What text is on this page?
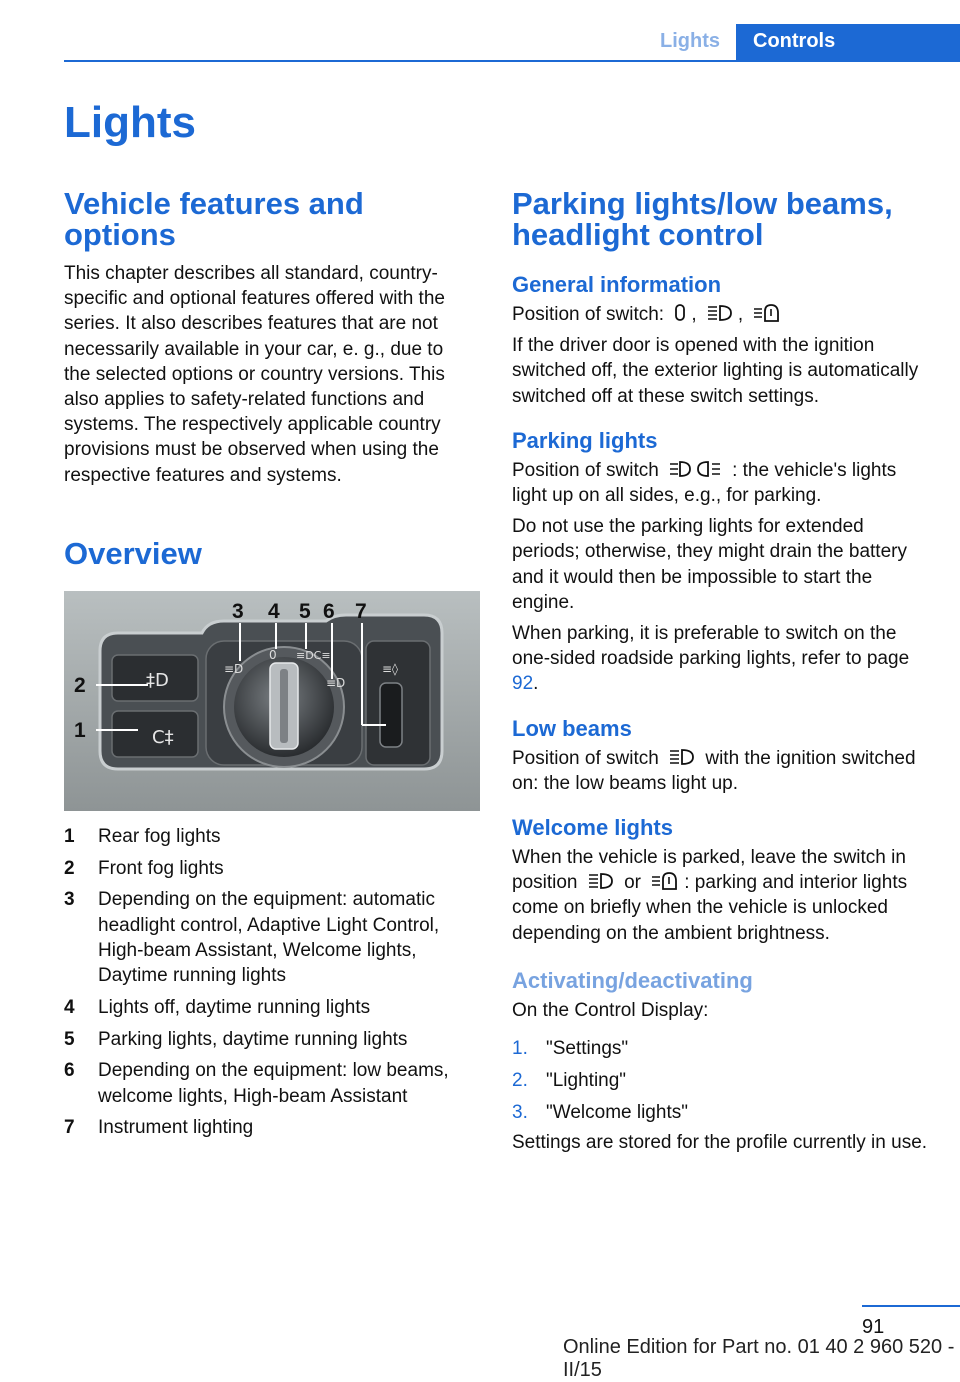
Lights	Controls
Lights
Vehicle features and options
This chapter describes all standard, country-specific and optional features offered with the series. It also describes features that are not necessarily available in your car, e. g., due to the selected options or country versions. This also applies to safety-related functions and systems. The respectively applicable country provisions must be observed when using the respective features and systems.
Overview
‡D
C‡
≡D
0 ≡DC≡
≡D
≡◊
3 4 5 6 7
2
1
1	Rear fog lights
2	Front fog lights
3	Depending on the equipment: automatic headlight control, Adaptive Light Control, High-beam Assistant, Welcome lights, Daytime running lights
4	Lights off, daytime running lights
5	Parking lights, daytime running lights
6	Depending on the equipment: low beams, welcome lights, High-beam Assistant
7	Instrument lighting
Parking lights/low beams, headlight control
General information
Position of switch: , ,
If the driver door is opened with the ignition switched off, the exterior lighting is automatically switched off at these switch settings.
Parking lights
Position of switch	: the vehicle's lights light up on all sides, e.g., for parking.
Do not use the parking lights for extended periods; otherwise, they might drain the battery and it would then be impossible to start the engine.
When parking, it is preferable to switch on the one-sided roadside parking lights, refer to page 92.
Low beams
Position of switch with the ignition switched on: the low beams light up.
Welcome lights
When the vehicle is parked, leave the switch in position or : parking and interior lights come on briefly when the vehicle is unlocked depending on the ambient brightness.
Activating/deactivating
On the Control Display:
1. "Settings"
2. "Lighting"
3. "Welcome lights"
Settings are stored for the profile currently in use.
91
Online Edition for Part no. 01 40 2 960 520 - II/15
